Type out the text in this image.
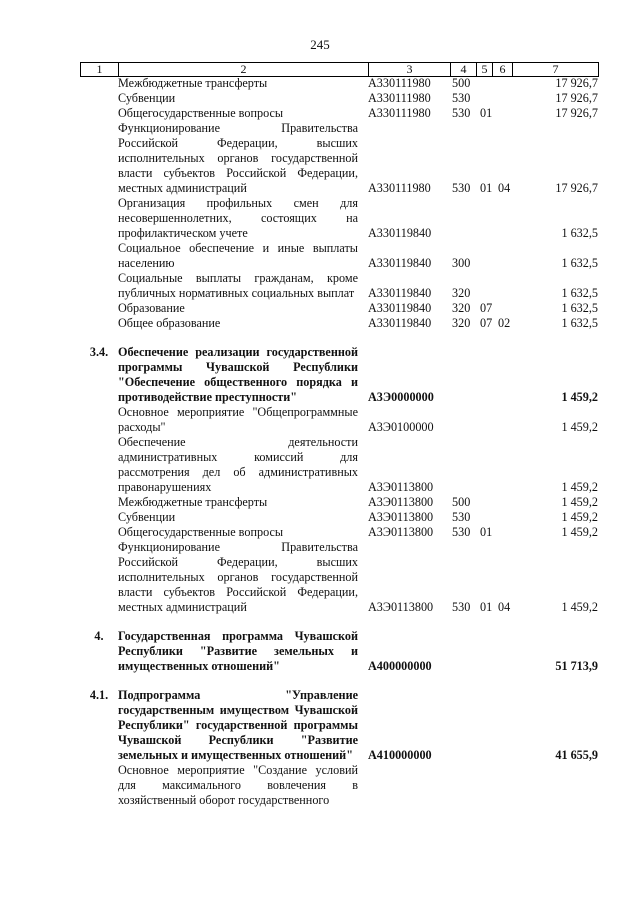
245
1	2	3	4	5	6	7
Межбюджетные трансферты	А330111980	500	17 926,7
Субвенции	А330111980	530	17 926,7
Общегосударственные вопросы	А330111980	530 01	17 926,7
Функционирование Правительства Российской Федерации, высших исполнительных органов государственной власти субъектов Российской Федерации, местных администраций	А330111980	530 01 04	17 926,7
Организация профильных смен для несовершеннолетних, состоящих на профилактическом учете	А330119840	1 632,5
Социальное обеспечение и иные выплаты населению	А330119840	300	1 632,5
Социальные выплаты гражданам, кроме публичных нормативных социальных выплат	А330119840	320	1 632,5
Образование	А330119840	320 07	1 632,5
Общее образование	А330119840	320 07 02	1 632,5
3.4. Обеспечение реализации государственной программы Чувашской Республики "Обеспечение общественного порядка и противодействие преступности"	А3Э0000000	1 459,2
Основное мероприятие "Общепрограммные расходы"	А3Э0100000	1 459,2
Обеспечение деятельности административных комиссий для рассмотрения дел об административных правонарушениях	А3Э0113800	1 459,2
Межбюджетные трансферты	А3Э0113800	500	1 459,2
Субвенции	А3Э0113800	530	1 459,2
Общегосударственные вопросы	А3Э0113800	530 01	1 459,2
Функционирование Правительства Российской Федерации, высших исполнительных органов государственной власти субъектов Российской Федерации, местных администраций	А3Э0113800	530 01 04	1 459,2
4.	Государственная программа Чувашской Республики "Развитие земельных и имущественных отношений"	А400000000	51 713,9
4.1. Подпрограмма "Управление государственным имуществом Чувашской Республики" государственной программы Чувашской Республики "Развитие земельных и имущественных отношений"	А410000000	41 655,9
Основное мероприятие "Создание условий для максимального вовлечения в хозяйственный оборот государственного
